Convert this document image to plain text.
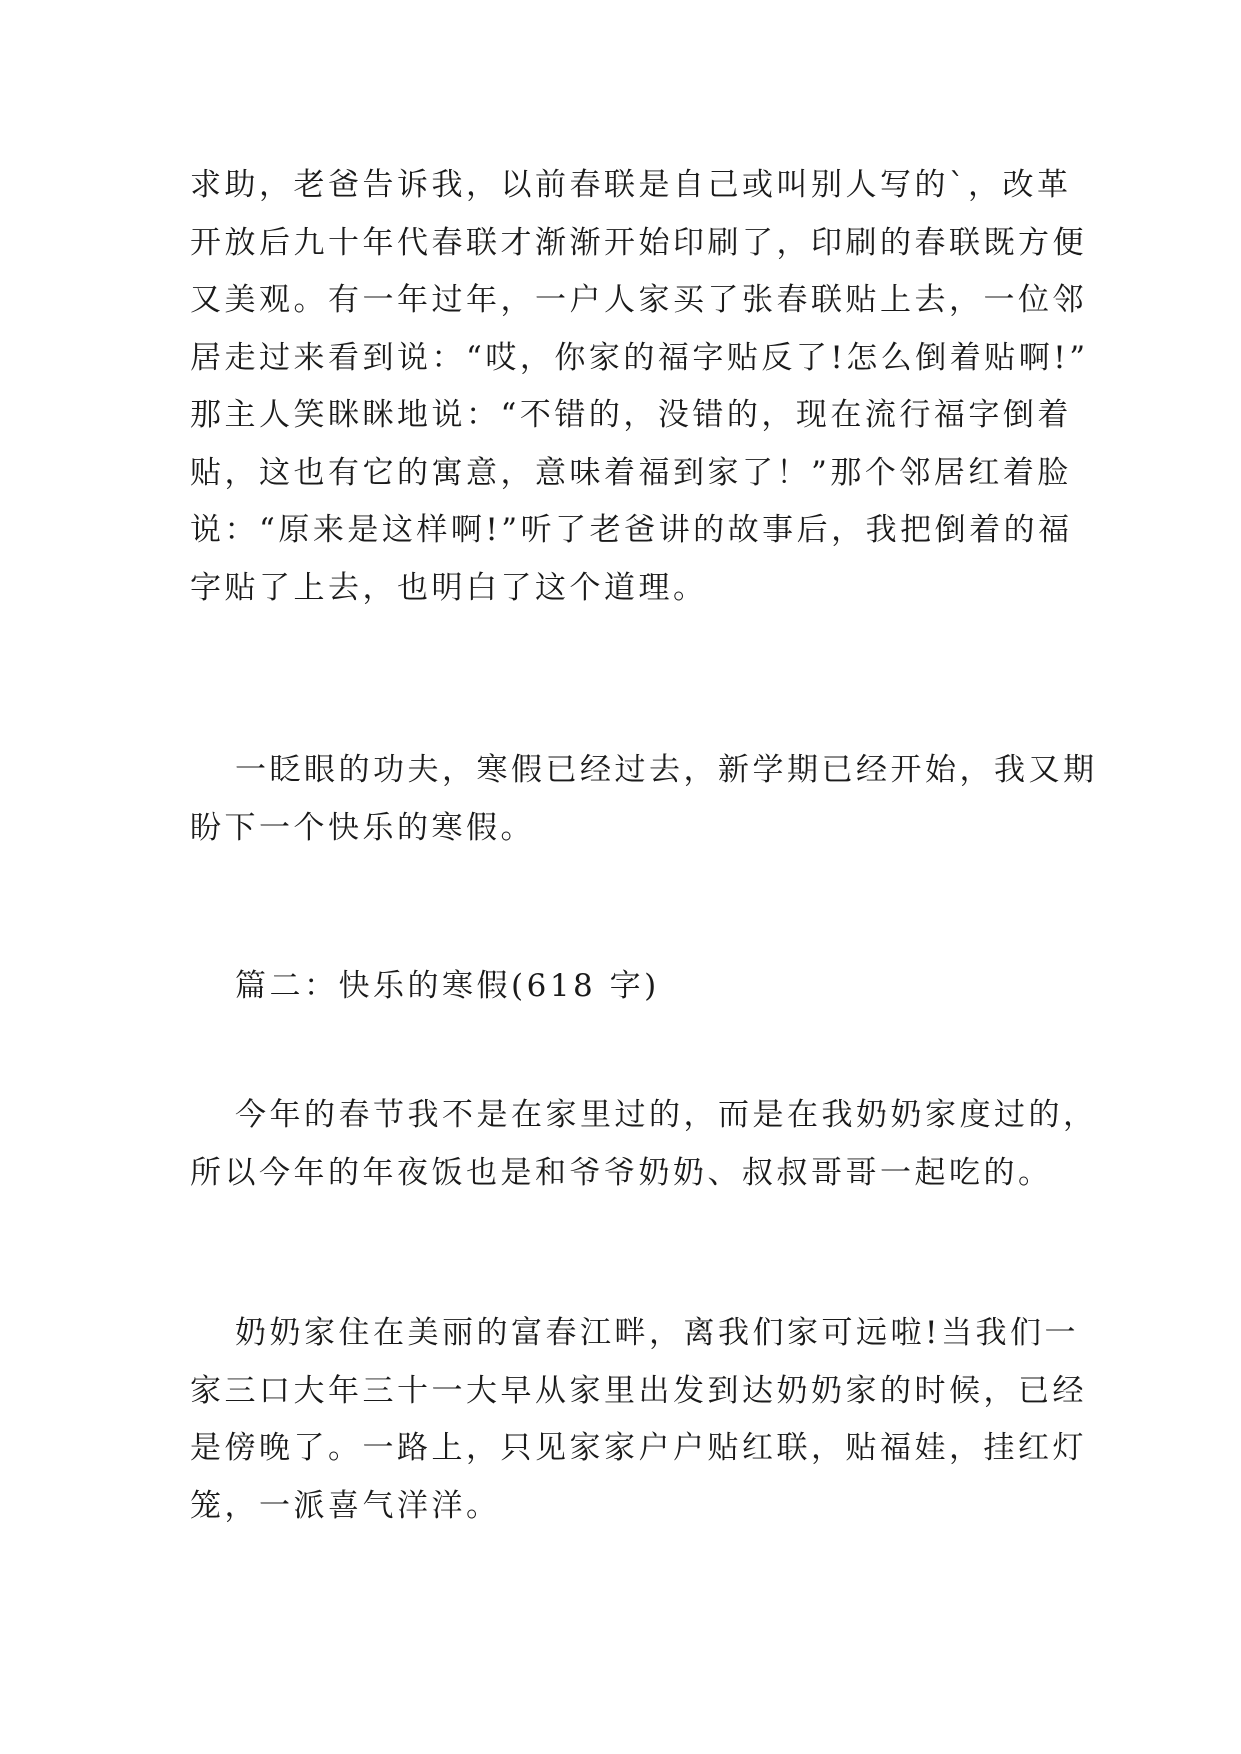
求助，老爸告诉我，以前春联是自己或叫别人写的`，改革
开放后九十年代春联才渐渐开始印刷了，印刷的春联既方便
又美观。有一年过年，一户人家买了张春联贴上去，一位邻
居走过来看到说：“哎，你家的福字贴反了!怎么倒着贴啊!”
那主人笑眯眯地说：“不错的，没错的，现在流行福字倒着
贴，这也有它的寓意，意味着福到家了！”那个邻居红着脸
说：“原来是这样啊!”听了老爸讲的故事后，我把倒着的福
字贴了上去，也明白了这个道理。
一眨眼的功夫，寒假已经过去，新学期已经开始，我又期
盼下一个快乐的寒假。
篇二：快乐的寒假(618 字)
今年的春节我不是在家里过的，而是在我奶奶家度过的，
所以今年的年夜饭也是和爷爷奶奶、叔叔哥哥一起吃的。
奶奶家住在美丽的富春江畔，离我们家可远啦!当我们一
家三口大年三十一大早从家里出发到达奶奶家的时候，已经
是傍晚了。一路上，只见家家户户贴红联，贴福娃，挂红灯
笼，一派喜气洋洋。
